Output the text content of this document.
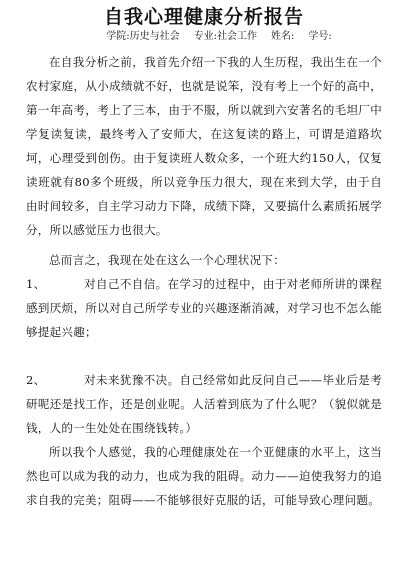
自我心理健康分析报告
学院:历史与社会 专业:社会工作 姓名: 学号:

在自我分析之前，我首先介绍一下我的人生历程，我出生在一个农村家庭，从小成绩就不好，也就是说笨，没有考上一个好的高中，第一年高考，考上了三本，由于不服，所以就到六安著名的毛坦厂中学复读复读，最终考入了安师大，在这复读的路上，可谓是道路坎坷，心理受到创伤。由于复读班人数众多，一个班大约150人，仅复读班就有80多个班级，所以竞争压力很大，现在来到大学，由于自由时间较多，自主学习动力下降，成绩下降，又要搞什么素质拓展学分，所以感觉压力也很大。

总而言之，我现在处在这么一个心理状况下：

1、	对自己不自信。在学习的过程中，由于对老师所讲的课程感到厌烦，所以对自己所学专业的兴趣逐渐消减，对学习也不怎么能够提起兴趣；

2、	对未来犹豫不决。自己经常如此反问自己——毕业后是考研呢还是找工作，还是创业呢。人活着到底为了什么呢？（貌似就是钱，人的一生处处在围绕钱转。）

所以我个人感觉，我的心理健康处在一个亚健康的水平上，这当然也可以成为我的动力，也成为我的阻碍。动力——迫使我努力的追求自我的完美；阻碍——不能够很好克服的话，可能导致心理问题。
